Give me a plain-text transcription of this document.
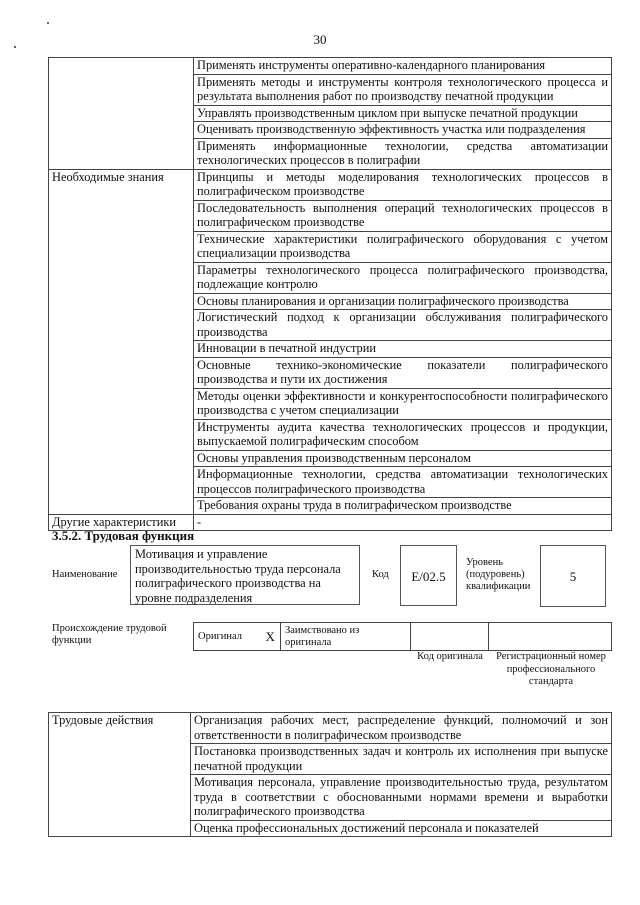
30
	Применять инструменты оперативно-календарного планирования
	Применять методы и инструменты контроля технологического процесса и результата выполнения работ по производству печатной продукции
	Управлять производственным циклом при выпуске печатной продукции
	Оценивать производственную эффективность участка или подразделения
	Применять информационные технологии, средства автоматизации технологических процессов в полиграфии
Необходимые знания	Принципы и методы моделирования технологических процессов в полиграфическом производстве
	Последовательность выполнения операций технологических процессов в полиграфическом производстве
	Технические характеристики полиграфического оборудования с учетом специализации производства
	Параметры технологического процесса полиграфического производства, подлежащие контролю
	Основы планирования и организации полиграфического производства
	Логистический подход к организации обслуживания полиграфического производства
	Инновации в печатной индустрии
	Основные технико-экономические показатели полиграфического производства и пути их достижения
	Методы оценки эффективности и конкурентоспособности полиграфического производства с учетом специализации
	Инструменты аудита качества технологических процессов и продукции, выпускаемой полиграфическим способом
	Основы управления производственным персоналом
	Информационные технологии, средства автоматизации технологических процессов полиграфического производства
	Требования охраны труда в полиграфическом производстве
Другие характеристики	-
3.5.2. Трудовая функция
Наименование
Мотивация и управление производительностью труда персонала полиграфического производства на уровне подразделения
Код	E/02.5
Уровень (подуровень) квалификации
5
Происхождение трудовой функции	Оригинал	X	Заимствовано из оригинала		
Код оригинала	Регистрационный номер профессионального стандарта
Трудовые действия	Организация рабочих мест, распределение функций, полномочий и зон ответственности в полиграфическом производстве
Постановка производственных задач и контроль их исполнения при выпуске печатной продукции
Мотивация персонала, управление производительностью труда, результатом труда в соответствии с обоснованными нормами времени и выработки полиграфического производства
Оценка профессиональных достижений персонала и показателей
